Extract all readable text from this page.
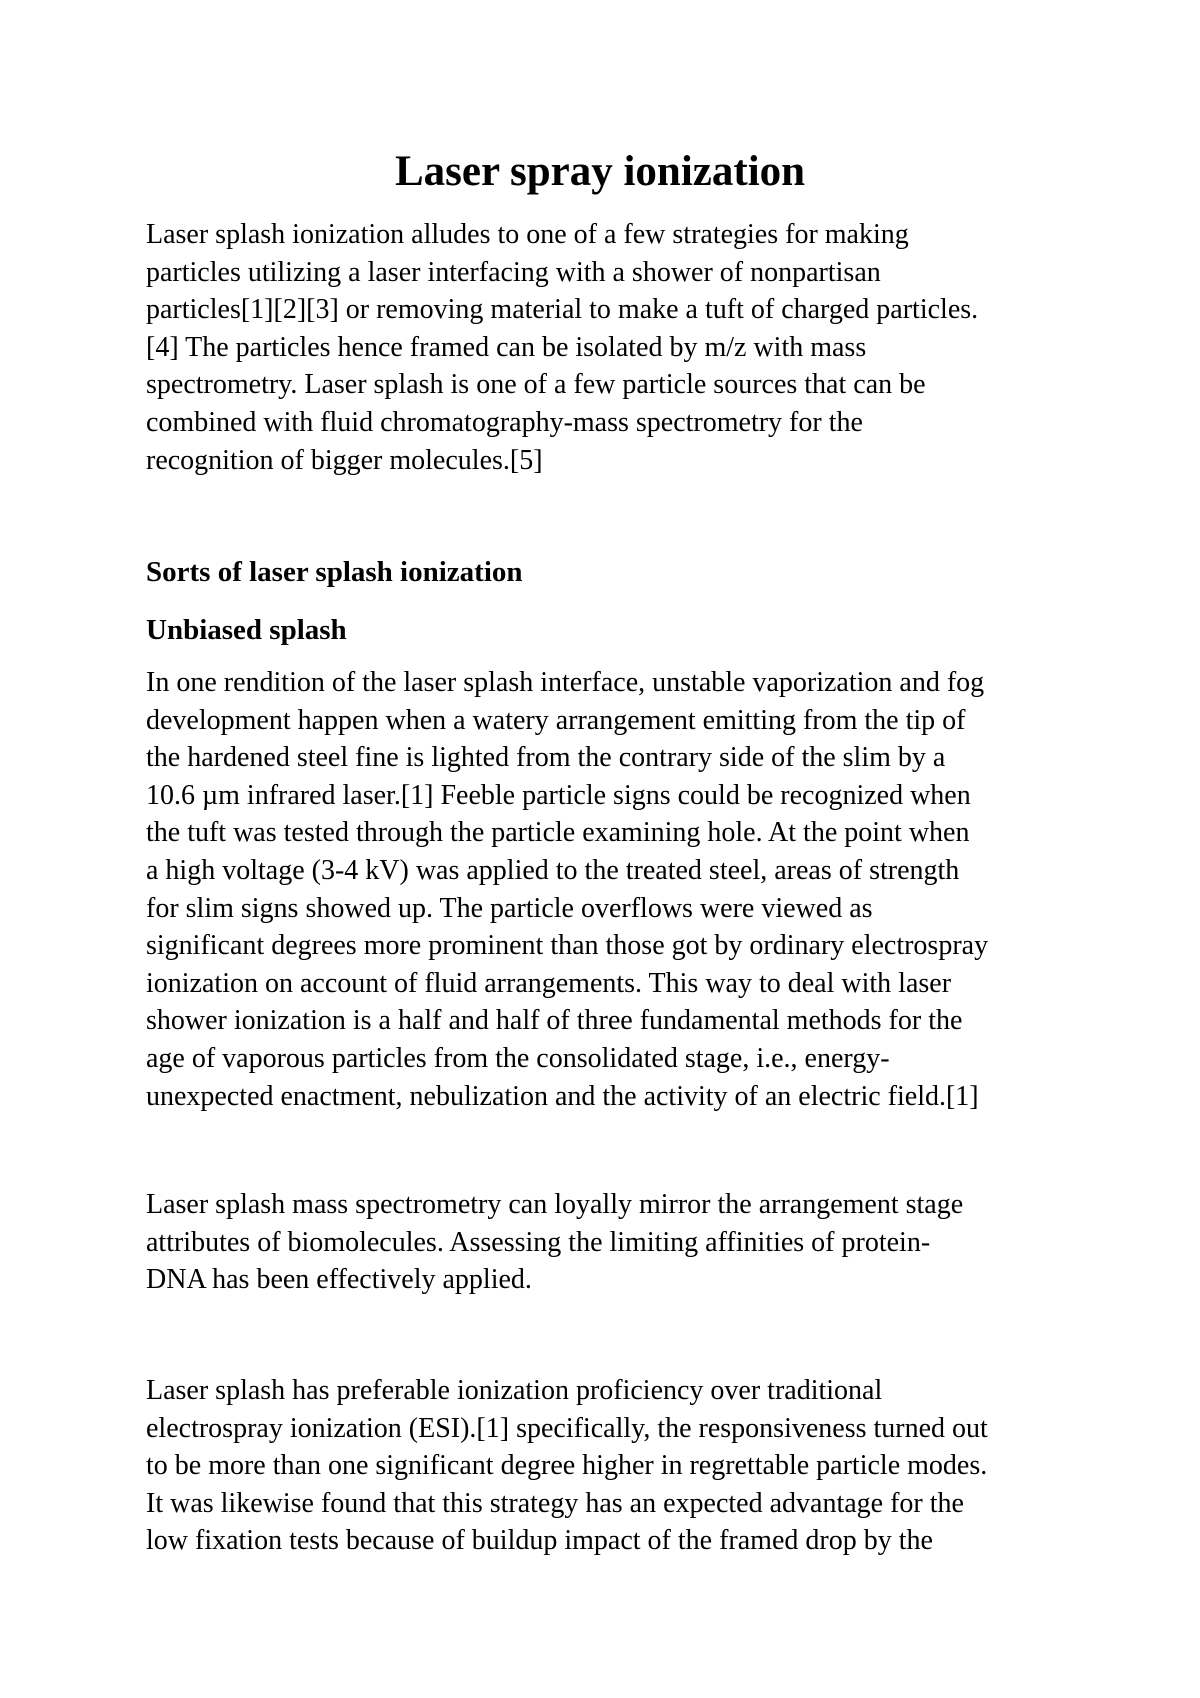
Laser spray ionization

Laser splash ionization alludes to one of a few strategies for making
particles utilizing a laser interfacing with a shower of nonpartisan
particles[1][2][3] or removing material to make a tuft of charged particles.
[4] The particles hence framed can be isolated by m/z with mass
spectrometry. Laser splash is one of a few particle sources that can be
combined with fluid chromatography-mass spectrometry for the
recognition of bigger molecules.[5]

Sorts of laser splash ionization
Unbiased splash

In one rendition of the laser splash interface, unstable vaporization and fog
development happen when a watery arrangement emitting from the tip of
the hardened steel fine is lighted from the contrary side of the slim by a
10.6 µm infrared laser.[1] Feeble particle signs could be recognized when
the tuft was tested through the particle examining hole. At the point when
a high voltage (3-4 kV) was applied to the treated steel, areas of strength
for slim signs showed up. The particle overflows were viewed as
significant degrees more prominent than those got by ordinary electrospray
ionization on account of fluid arrangements. This way to deal with laser
shower ionization is a half and half of three fundamental methods for the
age of vaporous particles from the consolidated stage, i.e., energy-
unexpected enactment, nebulization and the activity of an electric field.[1]

Laser splash mass spectrometry can loyally mirror the arrangement stage
attributes of biomolecules. Assessing the limiting affinities of protein-
DNA has been effectively applied.

Laser splash has preferable ionization proficiency over traditional
electrospray ionization (ESI).[1] specifically, the responsiveness turned out
to be more than one significant degree higher in regrettable particle modes.
It was likewise found that this strategy has an expected advantage for the
low fixation tests because of buildup impact of the framed drop by the
